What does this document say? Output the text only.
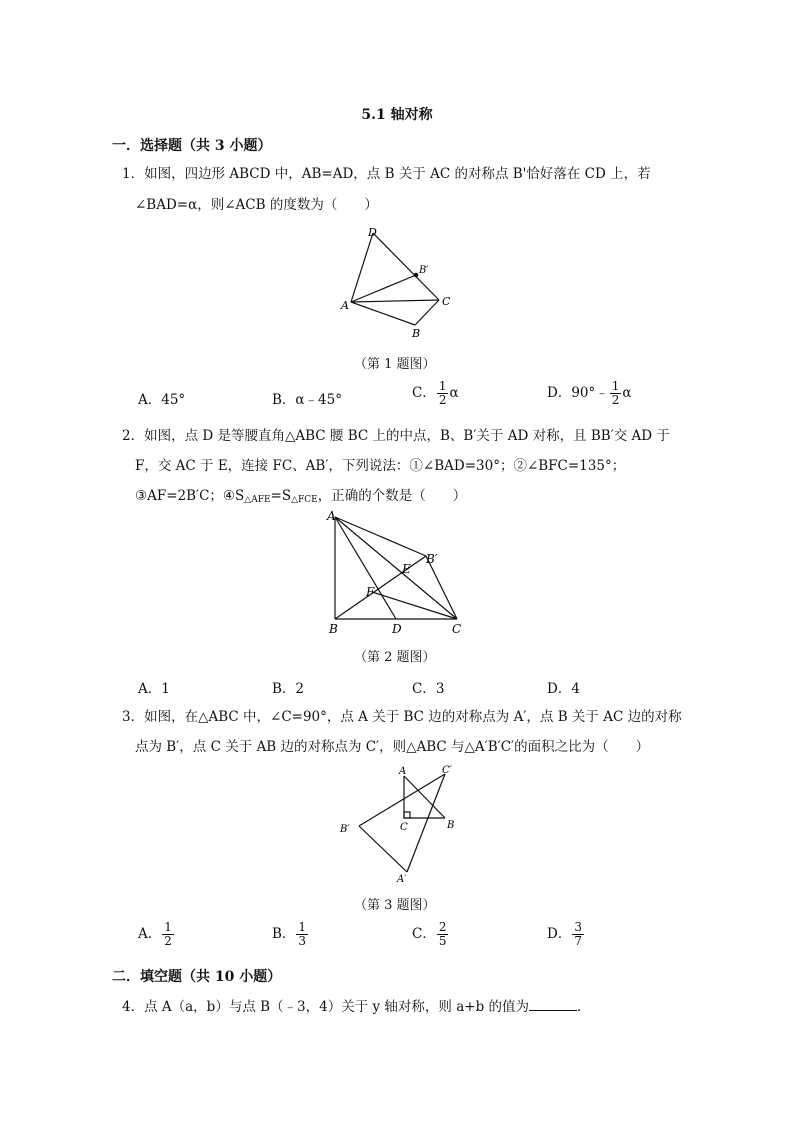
5.1 轴对称
一．选择题（共 3 小题）
1．如图，四边形 ABCD 中，AB=AD，点 B 关于 AC 的对称点 B'恰好落在 CD 上，若
∠BAD=α，则∠ACB 的度数为（　　）
D
B′
A	C
B
（第 1 题图）
A．45°	B．α﹣45°	C． $\frac{1}{2}$ α	D．90°﹣ $\frac{1}{2}$ α
2．如图，点 D 是等腰直角△ABC 腰 BC 上的中点，B、B′关于 AD 对称，且 BB′交 AD 于
F，交 AC 于 E，连接 FC、AB′，下列说法：①∠BAD=30°；②∠BFC=135°；
③AF=2B′C；$④S_{\triangle AFE}=S_{\triangle FCE}$，正确的个数是（　　）
A
B′
E
F
B	D	C
（第 2 题图）
A．1	B．2	C．3	D．4
3．如图，在△ABC 中，∠C=90°，点 A 关于 BC 边的对称点为 A′，点 B 关于 AC 边的对称
点为 B′，点 C 关于 AB 边的对称点为 C′，则△ABC 与△A′B′C′的面积之比为（　　）
A	C′
C	B
B′
A′
（第 3 题图）
A． $\frac{1}{2}$	B． $\frac{1}{3}$	C． $\frac{2}{5}$	D． $\frac{3}{7}$
二．填空题（共 10 小题）
4．点 A（a，b）与点 B（﹣3，4）关于 y 轴对称，则 a+b 的值为	．
